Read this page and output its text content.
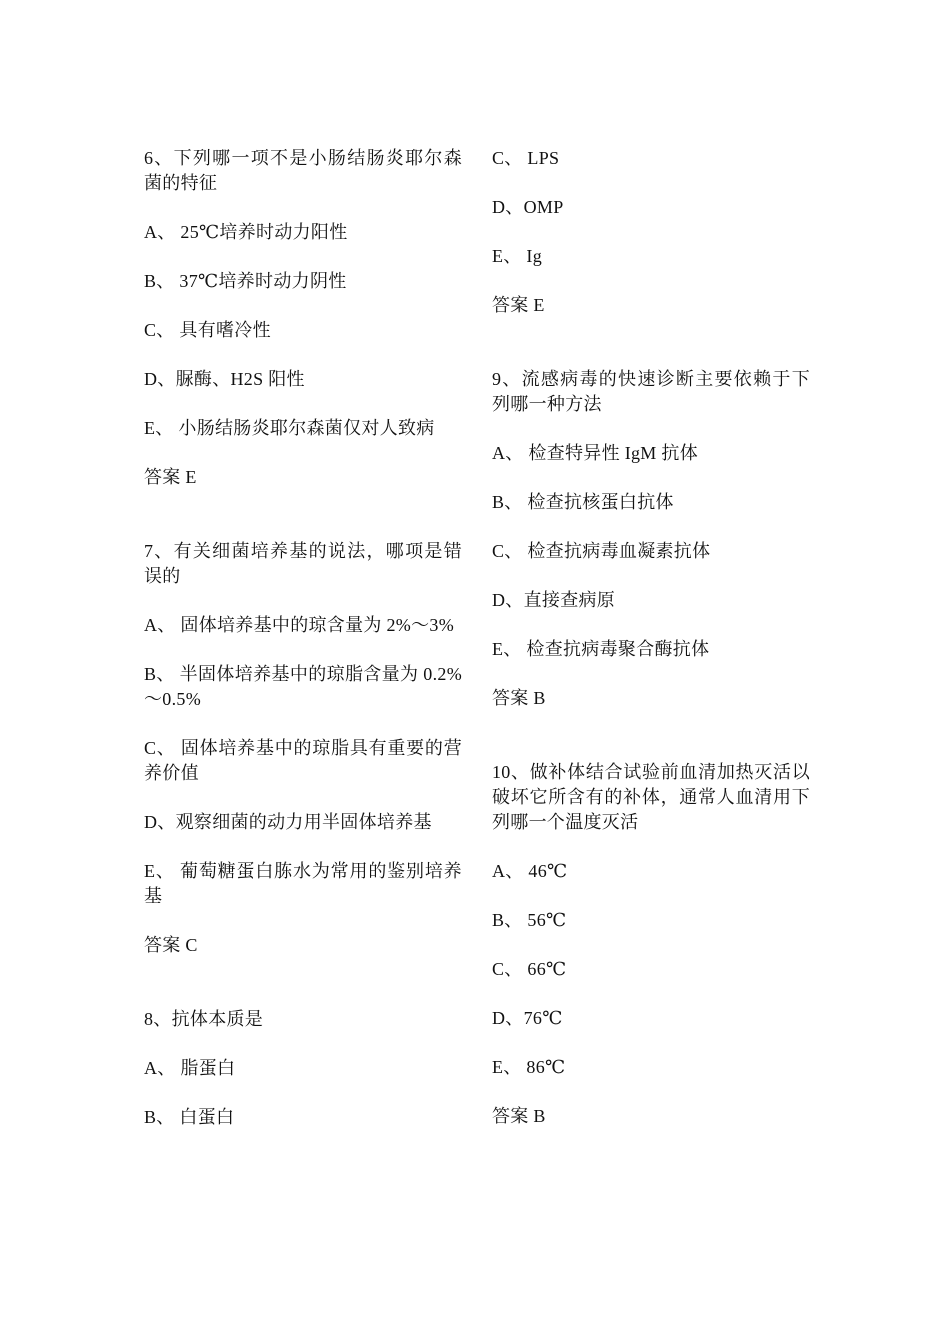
6、下列哪一项不是小肠结肠炎耶尔森菌的特征

A、 25℃培养时动力阳性

B、 37℃培养时动力阴性

C、 具有嗜冷性

D、脲酶、H2S 阳性

E、 小肠结肠炎耶尔森菌仅对人致病

答案 E

7、有关细菌培养基的说法，哪项是错误的

A、 固体培养基中的琼含量为 2%～3%

B、 半固体培养基中的琼脂含量为 0.2%～0.5%

C、 固体培养基中的琼脂具有重要的营养价值

D、观察细菌的动力用半固体培养基

E、 葡萄糖蛋白胨水为常用的鉴别培养基

答案 C

8、抗体本质是

A、 脂蛋白

B、 白蛋白

C、 LPS

D、OMP

E、 Ig

答案 E

9、流感病毒的快速诊断主要依赖于下列哪一种方法

A、 检查特异性 IgM 抗体

B、 检查抗核蛋白抗体

C、 检查抗病毒血凝素抗体

D、直接查病原

E、 检查抗病毒聚合酶抗体

答案 B

10、做补体结合试验前血清加热灭活以破坏它所含有的补体，通常人血清用下列哪一个温度灭活

A、 46℃

B、 56℃

C、 66℃

D、76℃

E、 86℃

答案 B
